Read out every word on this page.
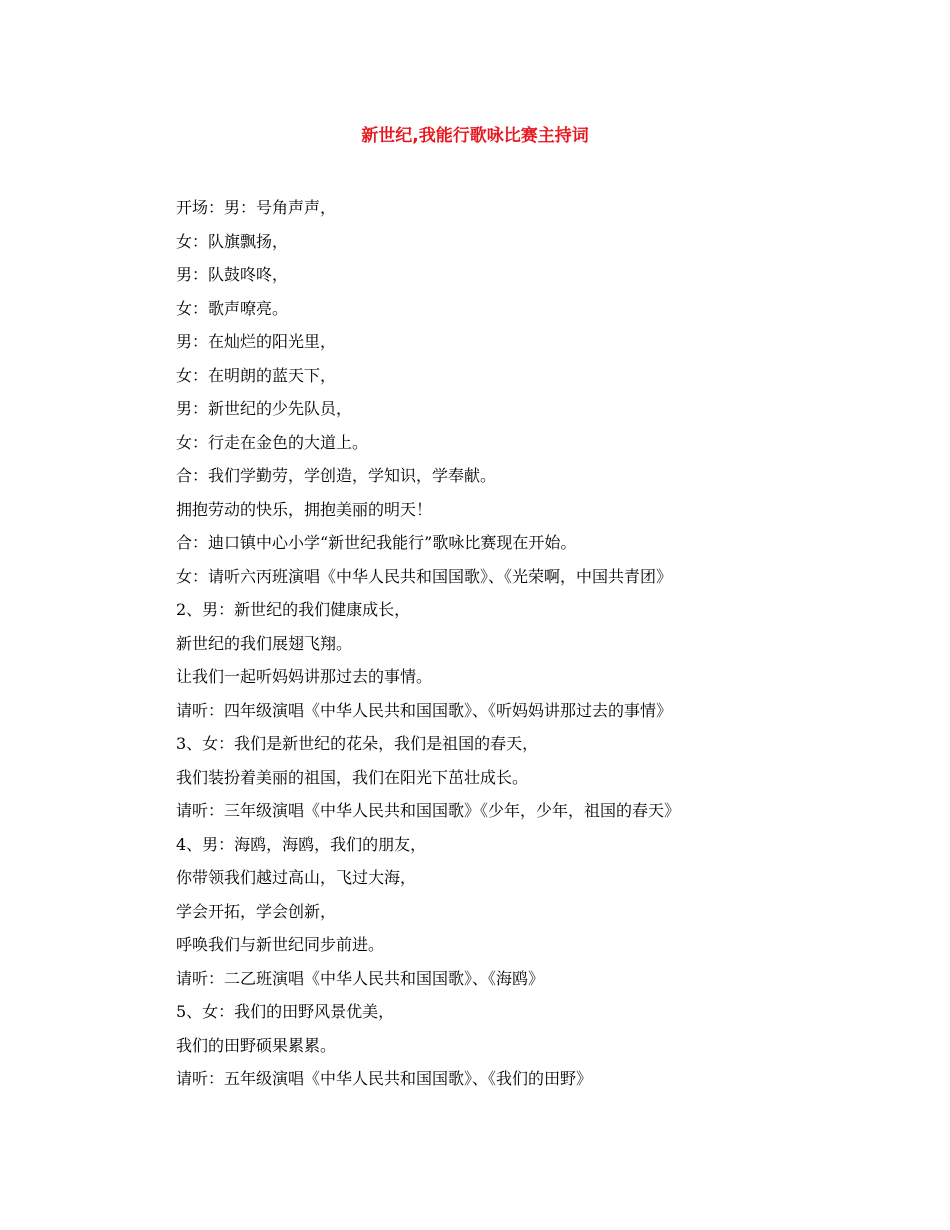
新世纪,我能行歌咏比赛主持词
开场：男：号角声声，
女：队旗飘扬，
男：队鼓咚咚，
女：歌声嘹亮。
男：在灿烂的阳光里，
女：在明朗的蓝天下，
男：新世纪的少先队员，
女：行走在金色的大道上。
合：我们学勤劳，学创造，学知识，学奉献。
拥抱劳动的快乐，拥抱美丽的明天！
合：迪口镇中心小学“新世纪我能行”歌咏比赛现在开始。
女：请听六丙班演唱《中华人民共和国国歌》、《光荣啊，中国共青团》
2、男：新世纪的我们健康成长，
新世纪的我们展翅飞翔。
让我们一起听妈妈讲那过去的事情。
请听：四年级演唱《中华人民共和国国歌》、《听妈妈讲那过去的事情》
3、女：我们是新世纪的花朵，我们是祖国的春天，
我们装扮着美丽的祖国，我们在阳光下茁壮成长。
请听：三年级演唱《中华人民共和国国歌》《少年，少年，祖国的春天》
4、男：海鸥，海鸥，我们的朋友，
你带领我们越过高山，飞过大海，
学会开拓，学会创新，
呼唤我们与新世纪同步前进。
请听：二乙班演唱《中华人民共和国国歌》、《海鸥》
5、女：我们的田野风景优美，
我们的田野硕果累累。
请听：五年级演唱《中华人民共和国国歌》、《我们的田野》
